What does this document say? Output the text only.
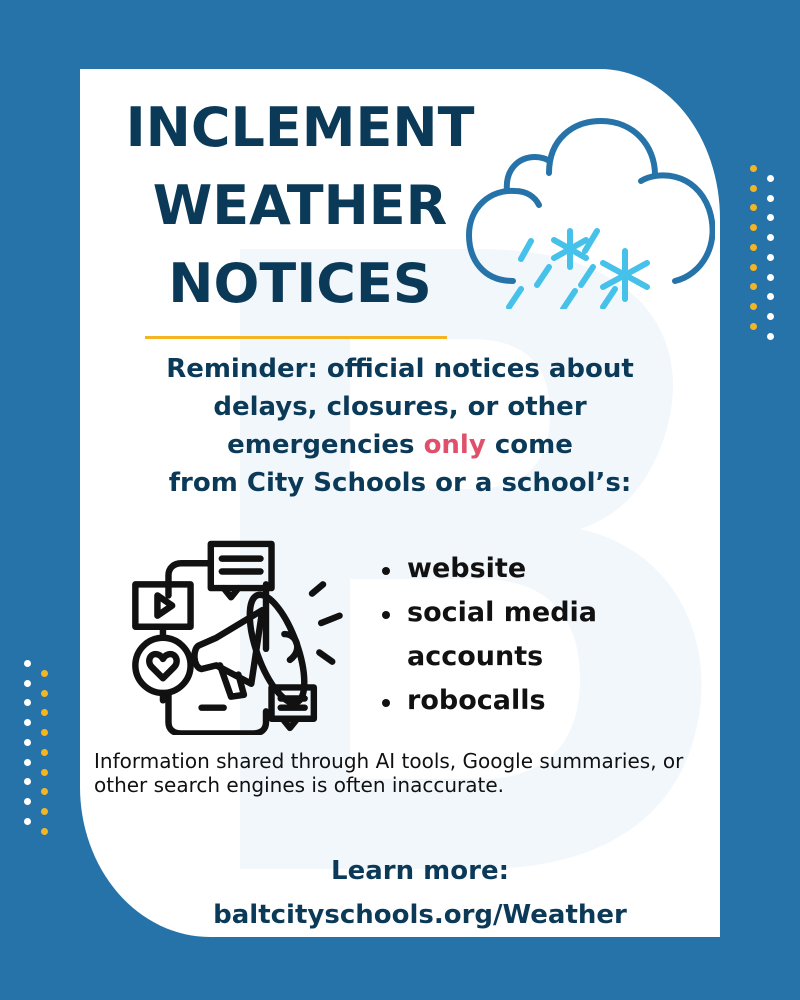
INCLEMENT
WEATHER
NOTICES
Reminder: official notices about
delays, closures, or other
emergencies only come
from City Schools or a school’s:
website
social media
accounts
robocalls
Information shared through AI tools, Google summaries, or other search engines is often inaccurate.
Learn more:
baltcityschools.org/Weather
